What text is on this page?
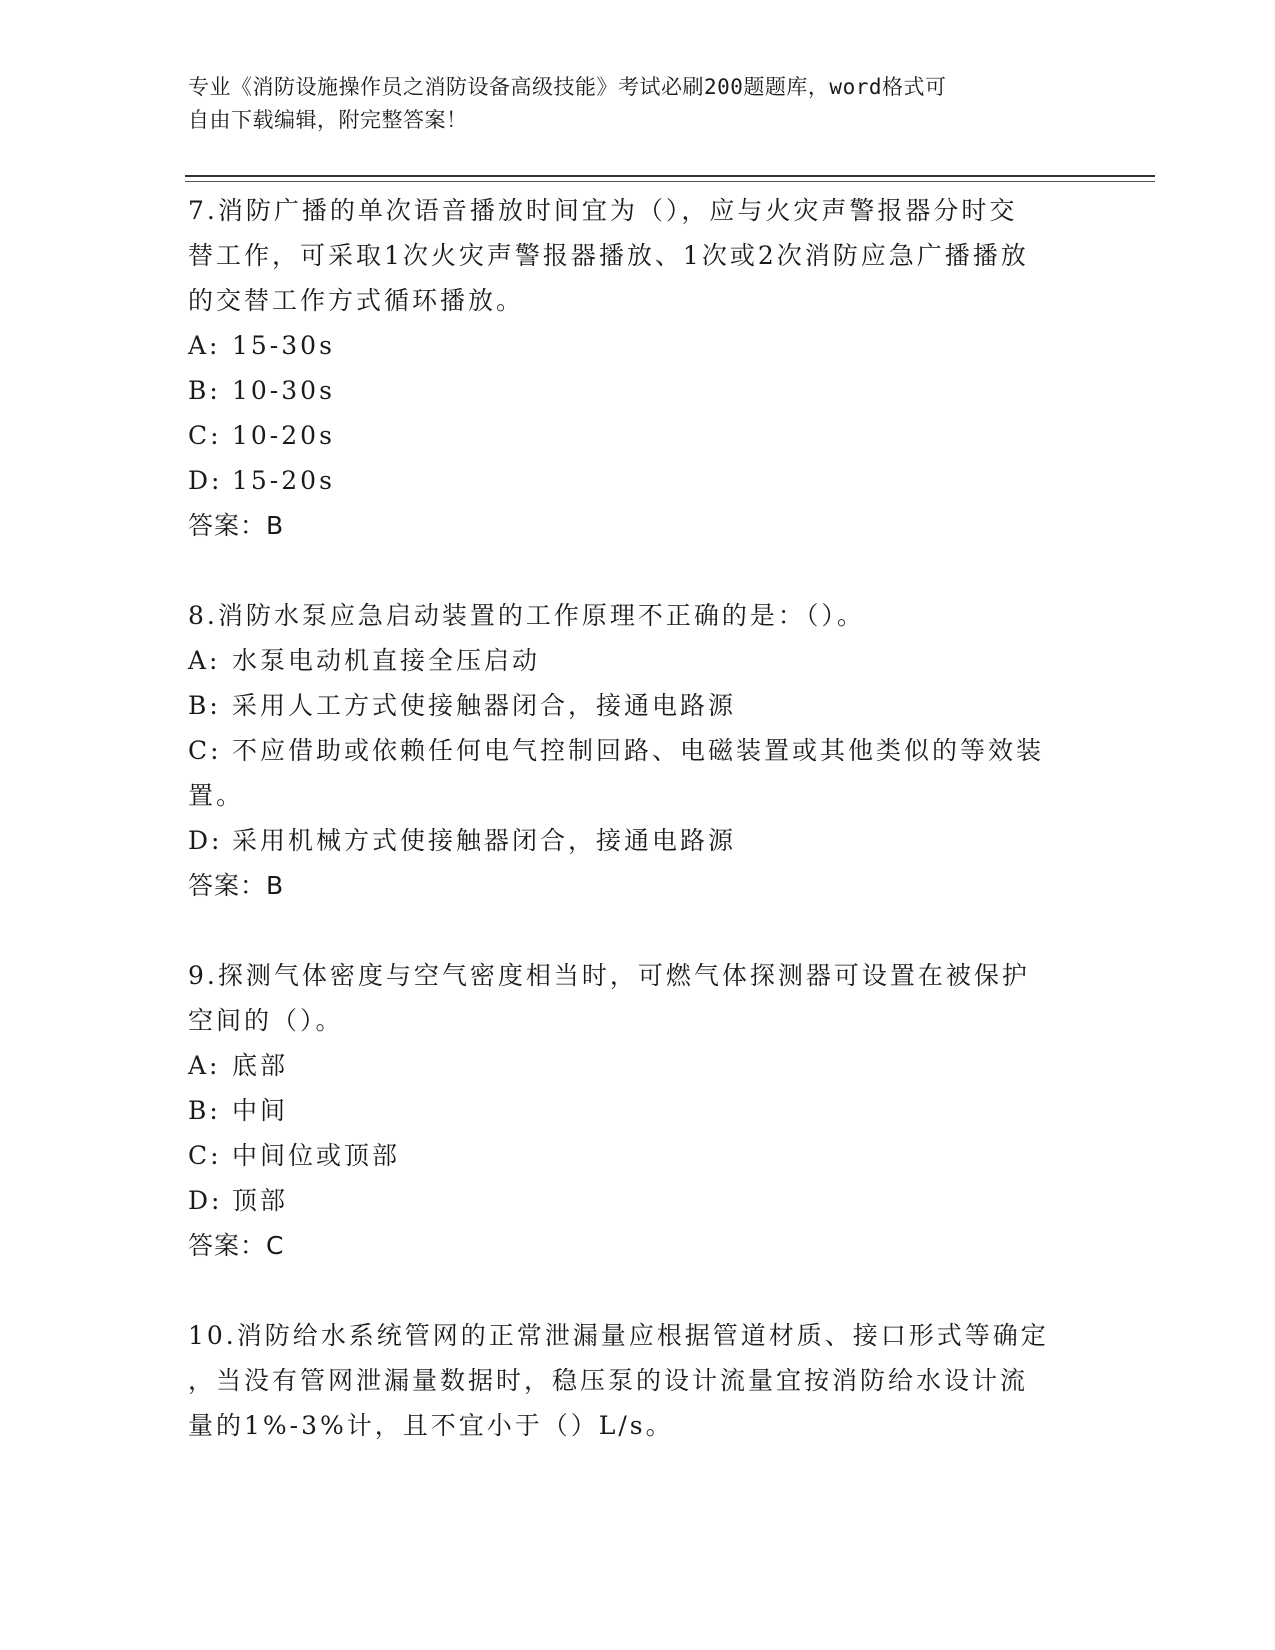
专业《消防设施操作员之消防设备高级技能》考试必刷200题题库，word格式可
自由下载编辑，附完整答案！
7.消防广播的单次语音播放时间宜为（），应与火灾声警报器分时交
替工作，可采取1次火灾声警报器播放、1次或2次消防应急广播播放
的交替工作方式循环播放。
A: 15-30s
B: 10-30s
C: 10-20s
D: 15-20s
答案：B
8.消防水泵应急启动装置的工作原理不正确的是：（）。
A: 水泵电动机直接全压启动
B: 采用人工方式使接触器闭合，接通电路源
C: 不应借助或依赖任何电气控制回路、电磁装置或其他类似的等效装
置。
D: 采用机械方式使接触器闭合，接通电路源
答案：B
9.探测气体密度与空气密度相当时，可燃气体探测器可设置在被保护
空间的（）。
A: 底部
B: 中间
C: 中间位或顶部
D: 顶部
答案：C
10.消防给水系统管网的正常泄漏量应根据管道材质、接口形式等确定
，当没有管网泄漏量数据时，稳压泵的设计流量宜按消防给水设计流
量的1%-3%计，且不宜小于（）L/s。
